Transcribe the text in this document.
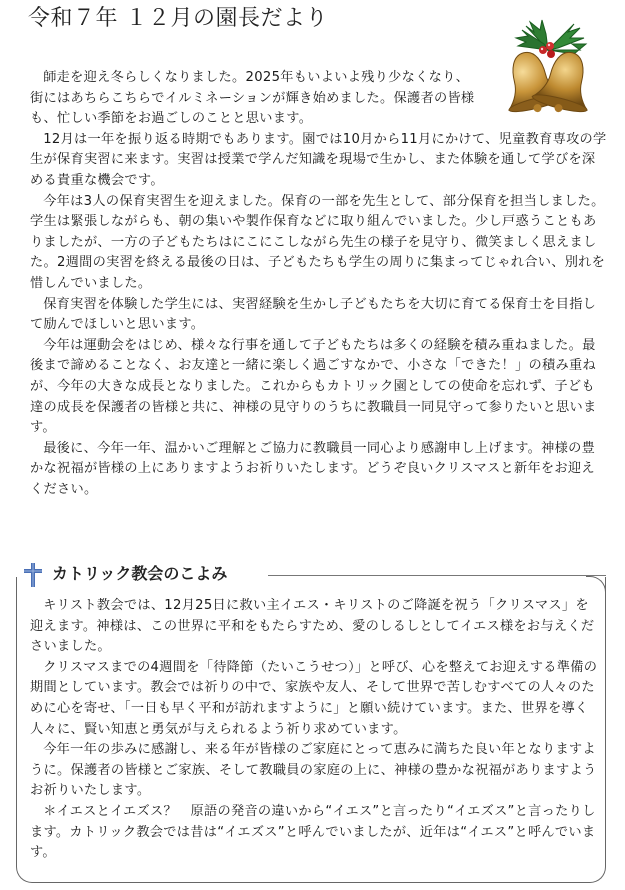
令和７年 １２月の園長だより

師走を迎え冬らしくなりました。2025年もいよいよ残り少なくなり、街にはあちらこちらでイルミネーションが輝き始めました。保護者の皆様も、忙しい季節をお過ごしのことと思います。

12月は一年を振り返る時期でもあります。園では10月から11月にかけて、児童教育専攻の学生が保育実習に来ます。実習は授業で学んだ知識を現場で生かし、また体験を通して学びを深める貴重な機会です。

今年は3人の保育実習生を迎えました。保育の一部を先生として、部分保育を担当しました。学生は緊張しながらも、朝の集いや製作保育などに取り組んでいました。少し戸惑うこともありましたが、一方の子どもたちはにこにこしながら先生の様子を見守り、微笑ましく思えました。2週間の実習を終える最後の日は、子どもたちも学生の周りに集まってじゃれ合い、別れを惜しんでいました。

保育実習を体験した学生には、実習経験を生かし子どもたちを大切に育てる保育士を目指して励んでほしいと思います。

今年は運動会をはじめ、様々な行事を通して子どもたちは多くの経験を積み重ねました。最後まで諦めることなく、お友達と一緒に楽しく過ごすなかで、小さな「できた！」の積み重ねが、今年の大きな成長となりました。これからもカトリック園としての使命を忘れず、子ども達の成長を保護者の皆様と共に、神様の見守りのうちに教職員一同見守って参りたいと思います。

最後に、今年一年、温かいご理解とご協力に教職員一同心より感謝申し上げます。神様の豊かな祝福が皆様の上にありますようお祈りいたします。どうぞ良いクリスマスと新年をお迎えください。

カトリック教会のこよみ

キリスト教会では、12月25日に救い主イエス・キリストのご降誕を祝う「クリスマス」を迎えます。神様は、この世界に平和をもたらすため、愛のしるしとしてイエス様をお与えくださいました。

クリスマスまでの4週間を「待降節（たいこうせつ）」と呼び、心を整えてお迎えする準備の期間としています。教会では祈りの中で、家族や友人、そして世界で苦しむすべての人々のために心を寄せ、「一日も早く平和が訪れますように」と願い続けています。また、世界を導く人々に、賢い知恵と勇気が与えられるよう祈り求めています。

今年一年の歩みに感謝し、来る年が皆様のご家庭にとって恵みに満ちた良い年となりますように。保護者の皆様とご家族、そして教職員の家庭の上に、神様の豊かな祝福がありますようお祈りいたします。

＊イエスとイエズス？　原語の発音の違いから“イエス”と言ったり“イエズス”と言ったりします。カトリック教会では昔は“イエズス”と呼んでいましたが、近年は“イエス”と呼んでいます。
